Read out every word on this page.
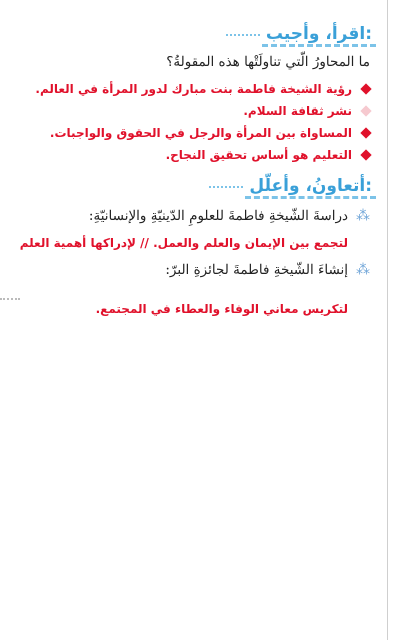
اقرأ، وأجيب:
ما المحاورُ الّتي تناولَتْها هذه المقولةُ؟
رؤية الشيخة فاطمة بنت مبارك لدور المرأة في العالم.
نشر ثقافة السلام.
المساواة بين المرأة والرجل في الحقوق والواجبات.
التعليم هو أساس تحقيق النجاح.
أتعاونُ، وأعلّل:
⁂
دراسةَ الشّيخةِ فاطمةَ للعلومِ الدّينيّةِ والإنسانيّةِ:
لتجمع بين الإيمان والعلم والعمل. // لإدراكها أهمية العلم
⁂
إنشاءَ الشّيخةِ فاطمةَ لجائزةِ البرّ:
لتكريس معاني الوفاء والعطاء في المجتمع.
